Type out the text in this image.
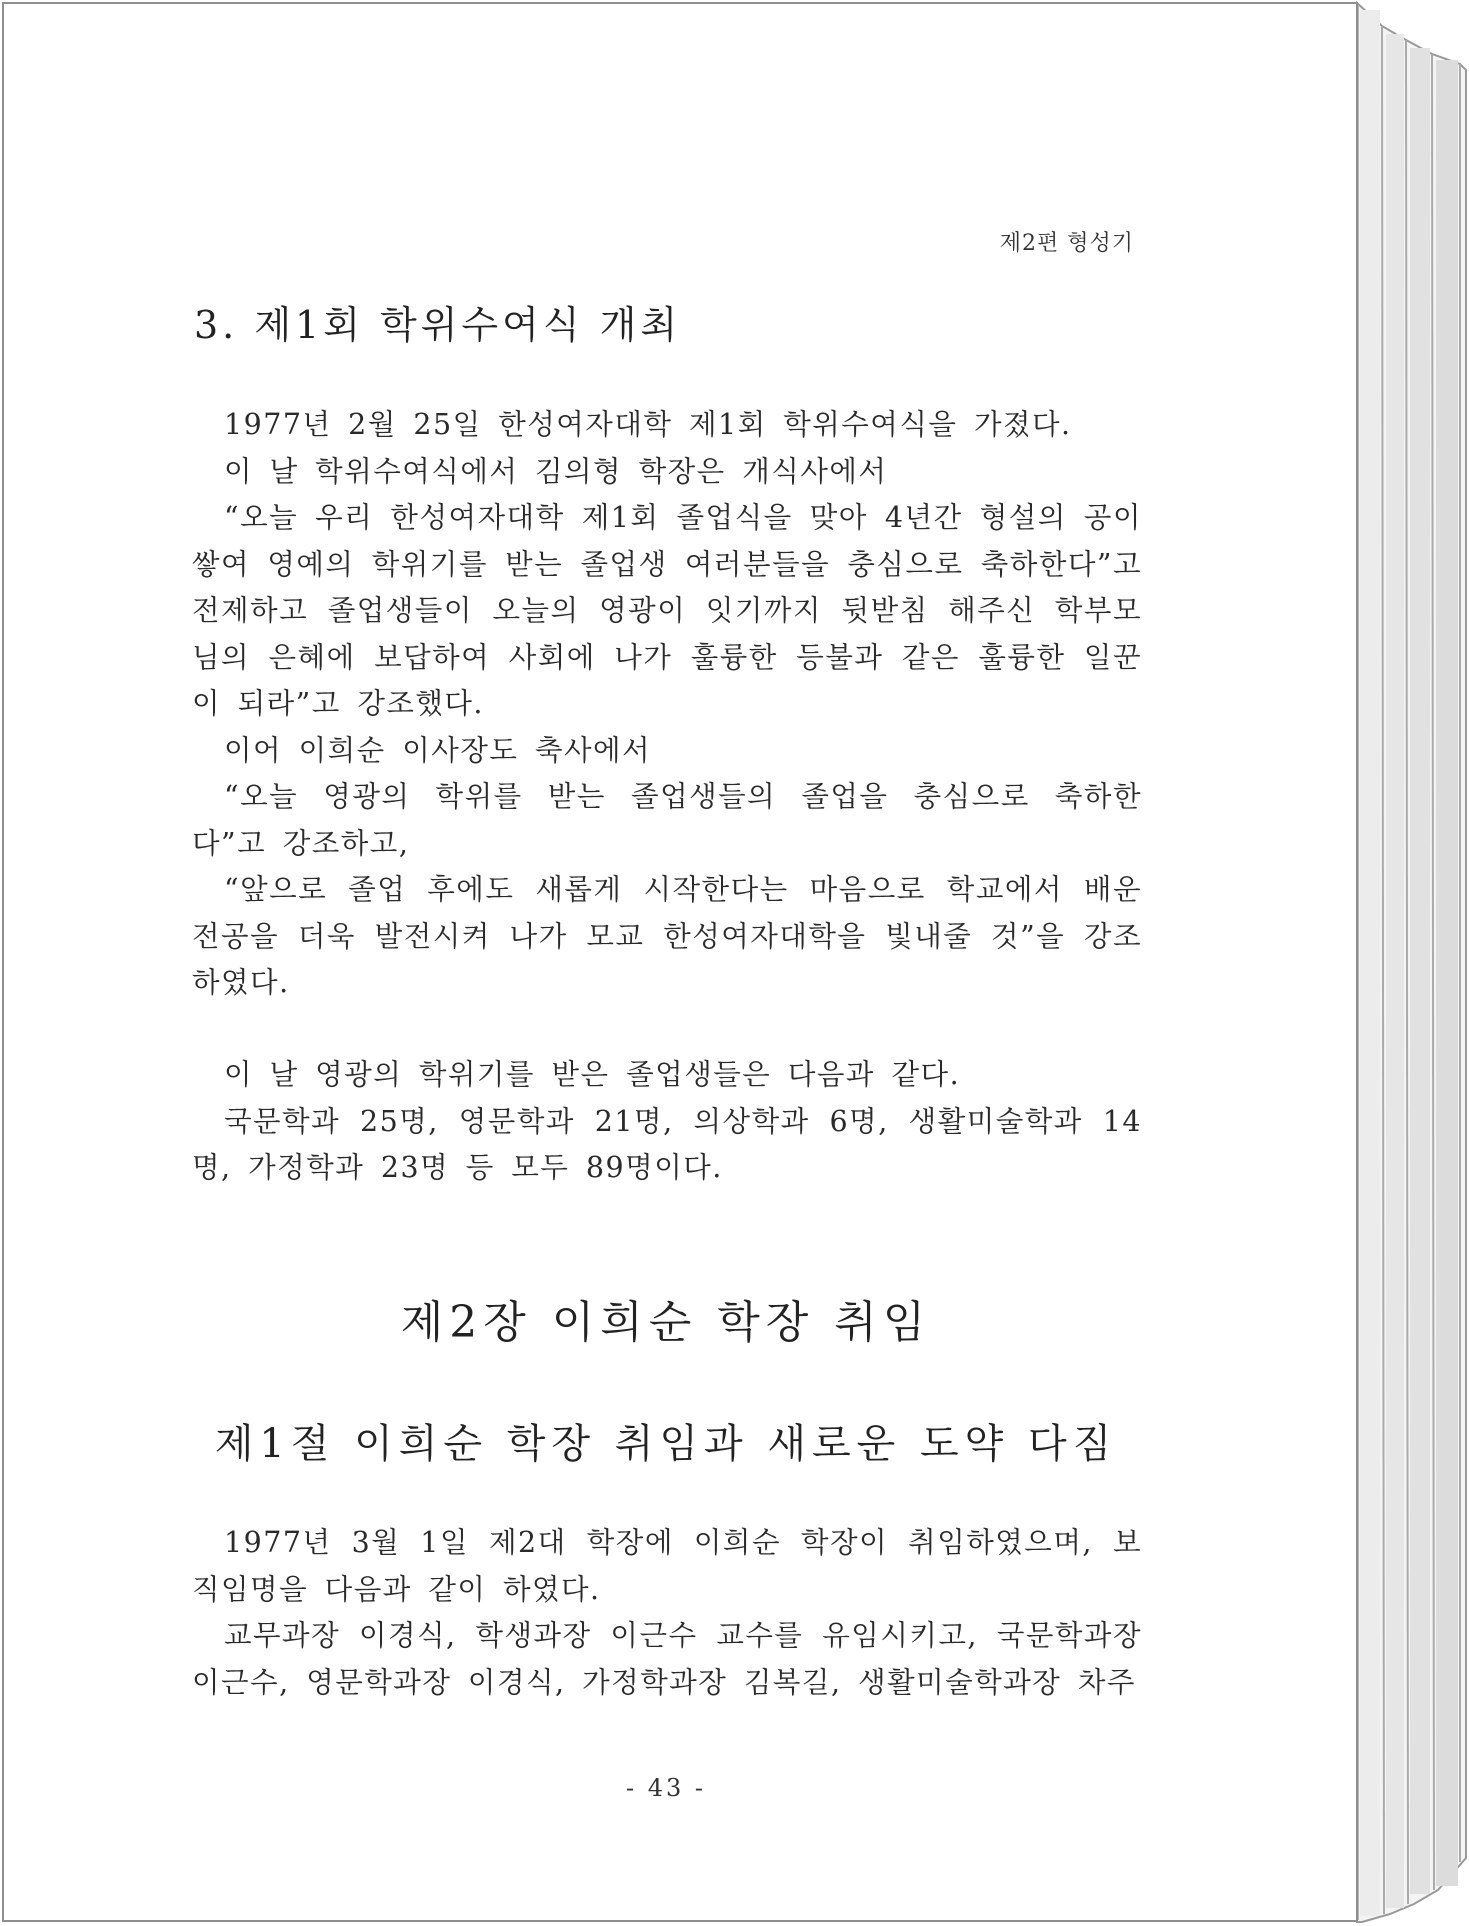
제2편 형성기
3. 제1회 학위수여식 개최

1977년 2월 25일 한성여자대학 제1회 학위수여식을 가졌다.

이 날 학위수여식에서 김의형 학장은 개식사에서

“오늘 우리 한성여자대학 제1회 졸업식을 맞아 4년간 형설의 공이 쌓여 영예의 학위기를 받는 졸업생 여러분들을 충심으로 축하한다”고 전제하고 졸업생들이 오늘의 영광이 잇기까지 뒷받침 해주신 학부모님의 은혜에 보답하여 사회에 나가 훌륭한 등불과 같은 훌륭한 일꾼이 되라”고 강조했다.

이어 이희순 이사장도 축사에서

“오늘 영광의 학위를 받는 졸업생들의 졸업을 충심으로 축하한다”고 강조하고,

“앞으로 졸업 후에도 새롭게 시작한다는 마음으로 학교에서 배운 전공을 더욱 발전시켜 나가 모교 한성여자대학을 빛내줄 것”을 강조하였다.

이 날 영광의 학위기를 받은 졸업생들은 다음과 같다.

국문학과 25명, 영문학과 21명, 의상학과 6명, 생활미술학과 14명, 가정학과 23명 등 모두 89명이다.

제2장 이희순 학장 취임
제1절 이희순 학장 취임과 새로운 도약 다짐

1977년 3월 1일 제2대 학장에 이희순 학장이 취임하였으며, 보직임명을 다음과 같이 하였다.

교무과장 이경식, 학생과장 이근수 교수를 유임시키고, 국문학과장 이근수, 영문학과장 이경식, 가정학과장 김복길, 생활미술학과장 차주

- 43 -
